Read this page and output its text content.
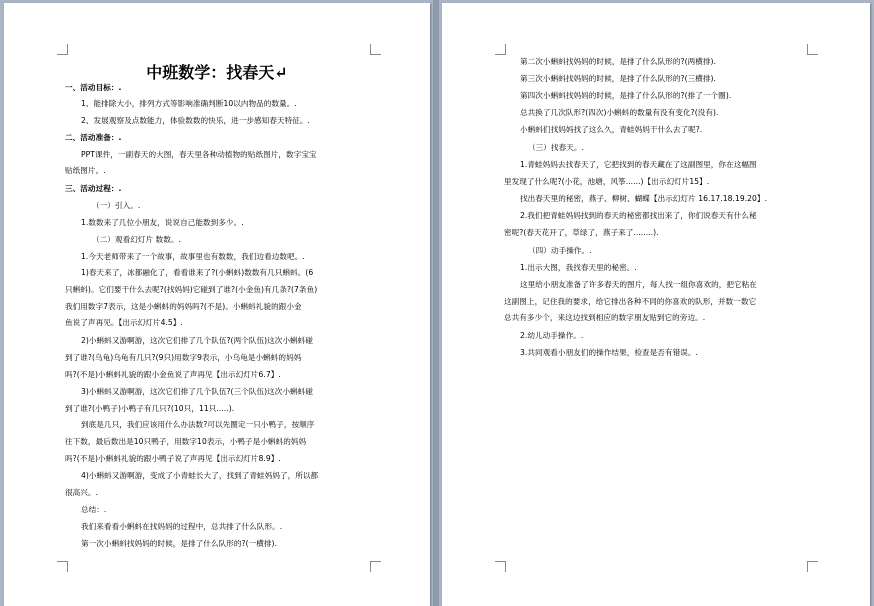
中班数学：找春天↵
一、活动目标：.
1、能排除大小，排列方式等影响准确判断10以内物品的数量。.
2、发展观察及点数能力，体验数数的快乐，进一步感知春天特征。.
二、活动准备：.
PPT课件，一副春天的大图，春天里各种动植物的贴纸图片，数字宝宝
贴纸图片。.
三、活动过程：.
（一）引入。.
1.数数来了几位小朋友，说说自己能数到多少。.
（二）观看幻灯片 数数。.
1.今天老师带来了一个故事，故事里也有数数，我们边看边数吧。.
1)春天来了，冰都融化了，看看谁来了?(小蝌蚪)数数有几只蝌蚪。(6
只蝌蚪)。它们要干什么去呢?(找妈妈)它碰到了谁?(小金鱼)有几条?(7条鱼)
我们用数字7表示，这是小蝌蚪的妈妈吗?(不是)。小蝌蚪礼貌的跟小金
鱼说了声再见。【出示幻灯片4.5】.
2)小蝌蚪又游啊游，这次它们排了几个队伍?(两个队伍)这次小蝌蚪碰
到了谁?(乌龟)乌龟有几只?(9只)用数字9表示，小乌龟是小蝌蚪的妈妈
吗?(不是)小蝌蚪礼貌的跟小金鱼说了声再见【出示幻灯片6.7】.
3)小蝌蚪又游啊游，这次它们排了几个队伍?(三个队伍)这次小蝌蚪碰
到了谁?(小鸭子)小鸭子有几只?(10只，11只.....).
到底是几只，我们应该用什么办法数?可以先圈定一只小鸭子，按顺序
往下数，最后数出是10只鸭子，用数字10表示，小鸭子是小蝌蚪的妈妈
吗?(不是)小蝌蚪礼貌的跟小鸭子说了声再见【出示幻灯片8.9】.
4)小蝌蚪又游啊游，变成了小青蛙长大了，找到了青蛙妈妈了，所以都
很高兴。.
总结：.
我们来看看小蝌蚪在找妈妈的过程中，总共排了什么队形。.
第一次小蝌蚪找妈妈的时候，是排了什么队形的?(一横排).
第二次小蝌蚪找妈妈的时候，是排了什么队形的?(两横排).
第三次小蝌蚪找妈妈的时候，是排了什么队形的?(三横排).
第四次小蝌蚪找妈妈的时候，是排了什么队形的?(排了一个圈).
总共换了几次队形?(四次)小蝌蚪的数量有没有变化?(没有).
小蝌蚪们找妈妈找了这么久，青蛙妈妈干什么去了呢?.
（三）找春天。.
1.青蛙妈妈去找春天了，它把找到的春天藏在了这副图里，你在这幅图
里发现了什么呢?(小花，池塘，风筝......)【出示幻灯片15】.
找出春天里的秘密，燕子、柳树、蝴蝶【出示幻灯片 16.17.18.19.20】.
2.我们把青蛙妈妈找到的春天的秘密都找出来了，你们说春天有什么秘
密呢?(春天花开了，草绿了，燕子来了........).
（四）动手操作。.
1.出示大图，我找春天里的秘密。.
这里给小朋友准备了许多春天的图片，每人找一组你喜欢的，把它粘在
这副图上，记住我的要求，给它排出各种不同的你喜欢的队形，并数一数它
总共有多少个，来这边找到相应的数字朋友贴到它的旁边。.
2.幼儿动手操作。.
3.共同观看小朋友们的操作结果，检查是否有错误。.
